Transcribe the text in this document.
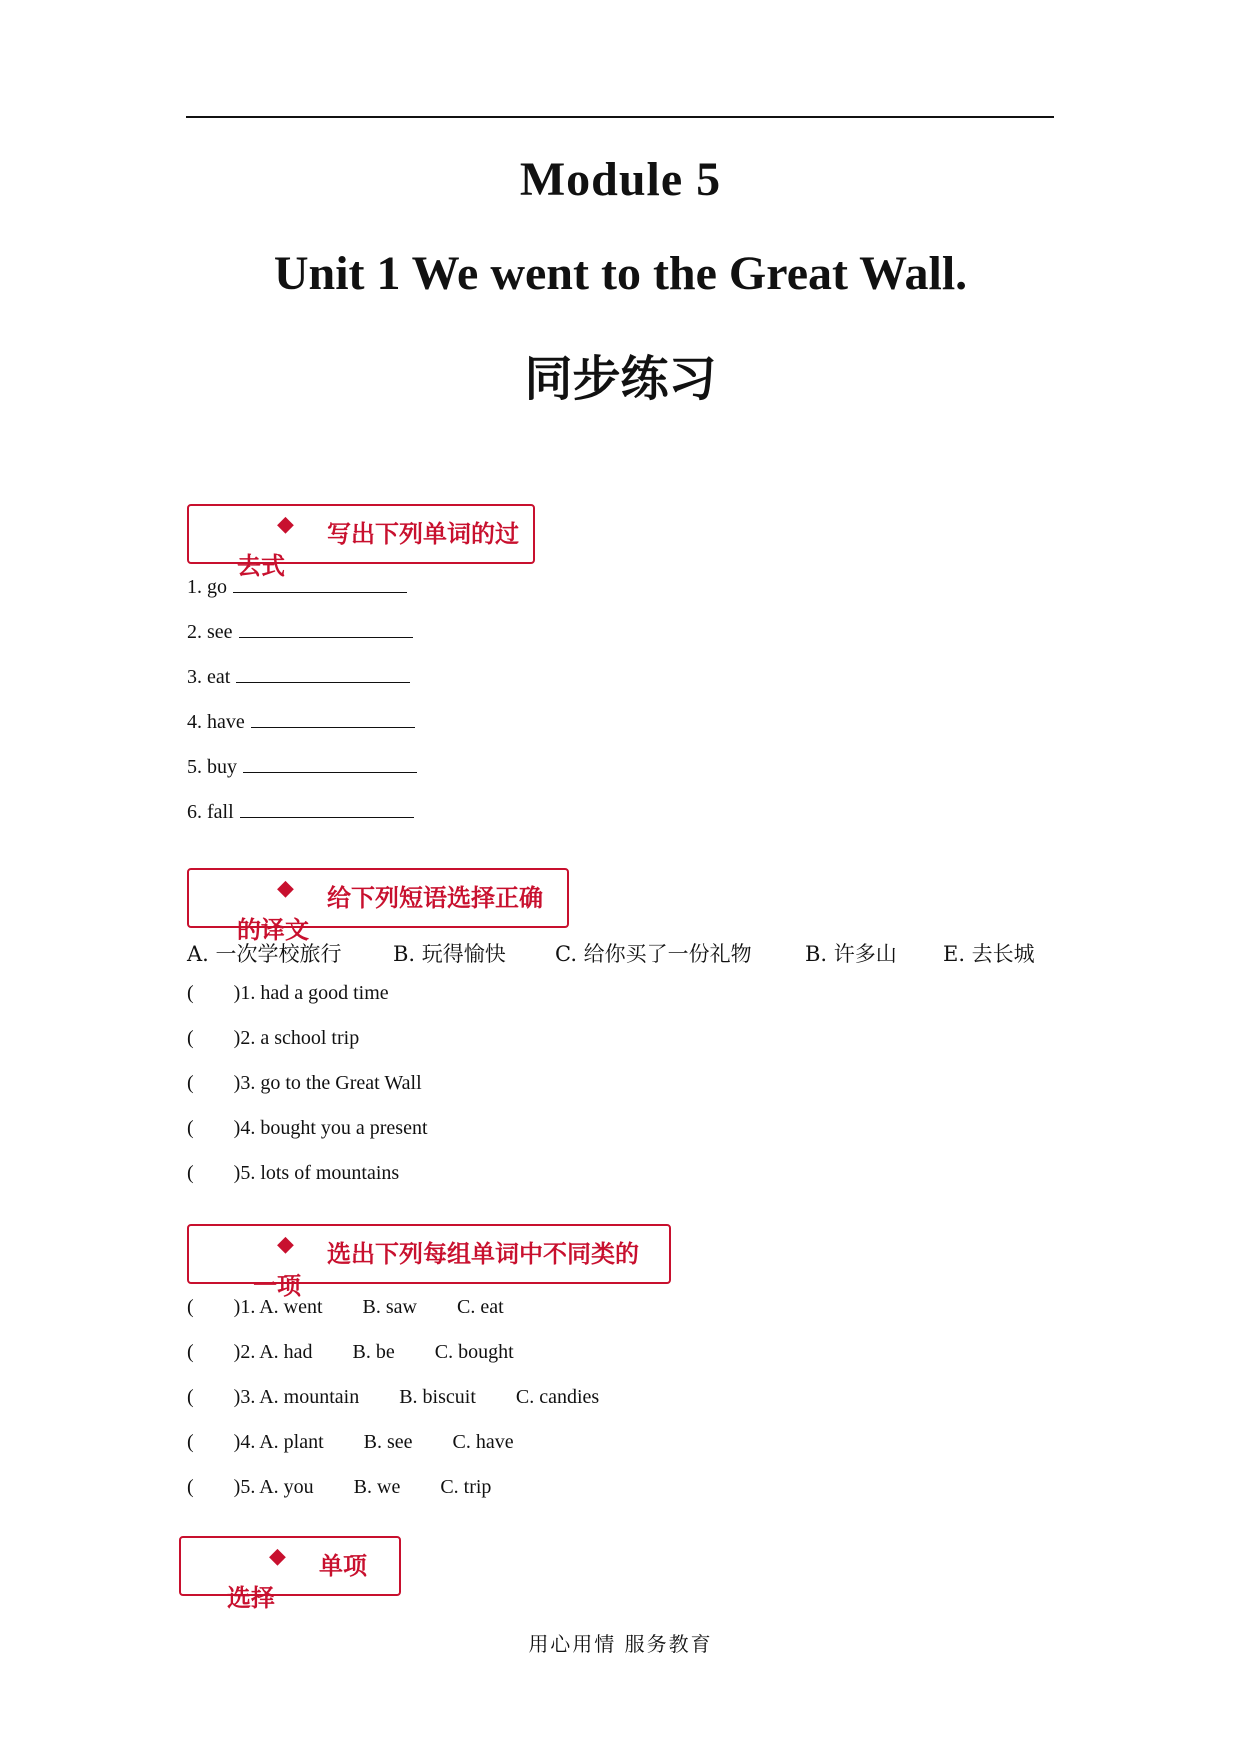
Module 5
Unit 1 We went to the Great Wall.
同步练习
◆ 写出下列单词的过
去式
1. go
2. see
3. eat
4. have
5. buy
6. fall
◆ 给下列短语选择正确
的译文
A. 一次学校旅行 B. 玩得愉快 C. 给你买了一份礼物	B. 许多山 E. 去长城
(        )1. had a good time
(        )2. a school trip
(        )3. go to the Great Wall
(        )4. bought you a present
(        )5. lots of mountains
◆ 选出下列每组单词中不同类的
一项
(        )1. A. went        B. saw        C. eat
(        )2. A. had        B. be        C. bought
(        )3. A. mountain        B. biscuit        C. candies
(        )4. A. plant        B. see        C. have
(        )5. A. you        B. we        C. trip
◆ 单项
选择
用心用情 服务教育
